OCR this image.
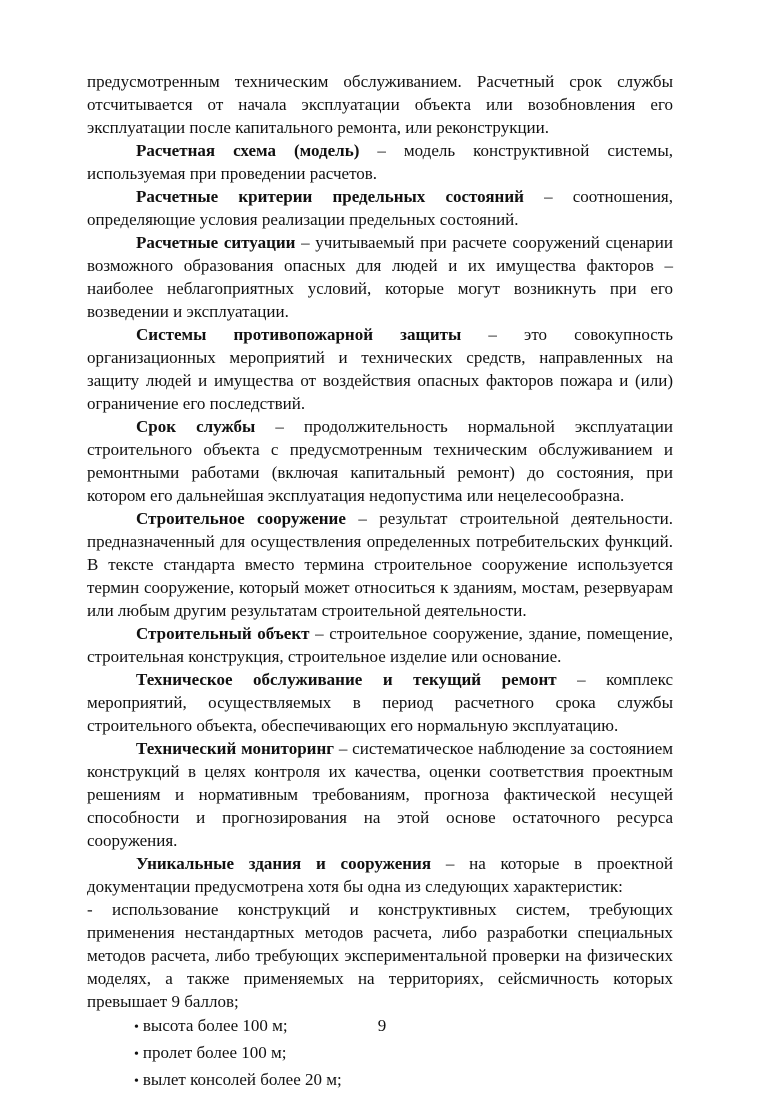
предусмотренным техническим обслуживанием. Расчетный срок службы отсчитывается от начала эксплуатации объекта или возобновления его эксплуатации после капитального ремонта, или реконструкции.

Расчетная схема (модель) – модель конструктивной системы, используемая при проведении расчетов.

Расчетные критерии предельных состояний – соотношения, определяющие условия реализации предельных состояний.

Расчетные ситуации – учитываемый при расчете сооружений сценарии возможного образования опасных для людей и их имущества факторов – наиболее неблагоприятных условий, которые могут возникнуть при его возведении и эксплуатации.

Системы противопожарной защиты – это совокупность организационных мероприятий и технических средств, направленных на защиту людей и имущества от воздействия опасных факторов пожара и (или) ограничение его последствий.

Срок службы – продолжительность нормальной эксплуатации строительного объекта с предусмотренным техническим обслуживанием и ремонтными работами (включая капитальный ремонт) до состояния, при котором его дальнейшая эксплуатация недопустима или нецелесообразна.

Строительное сооружение – результат строительной деятельности. предназначенный для осуществления определенных потребительских функций. В тексте стандарта вместо термина строительное сооружение используется термин сооружение, который может относиться к зданиям, мостам, резервуарам или любым другим результатам строительной деятельности.

Строительный объект – строительное сооружение, здание, помещение, строительная конструкция, строительное изделие или основание.

Техническое обслуживание и текущий ремонт – комплекс мероприятий, осуществляемых в период расчетного срока службы строительного объекта, обеспечивающих его нормальную эксплуатацию.

Технический мониторинг – систематическое наблюдение за состоянием конструкций в целях контроля их качества, оценки соответствия проектным решениям и нормативным требованиям, прогноза фактической несущей способности и прогнозирования на этой основе остаточного ресурса сооружения.

Уникальные здания и сооружения – на которые в проектной документации предусмотрена хотя бы одна из следующих характеристик:

- использование конструкций и конструктивных систем, требующих применения нестандартных методов расчета, либо разработки специальных методов расчета, либо требующих экспериментальной проверки на физических моделях, а также применяемых на территориях, сейсмичность которых превышает 9 баллов;

• высота более 100 м;
• пролет более 100 м;
• вылет консолей более 20 м;
9
